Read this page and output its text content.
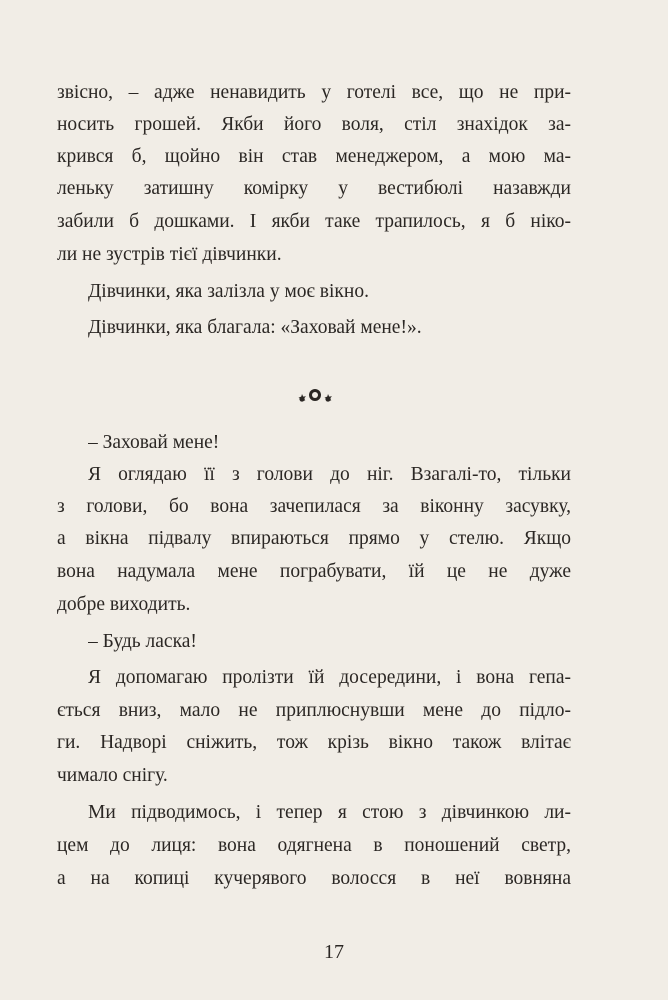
звісно, – адже ненавидить у готелі все, що не при-
носить грошей. Якби його воля, стіл знахідок за-
крився б, щойно він став менеджером, а мою ма-
леньку затишну комірку у вестибюлі назавжди
забили б дошками. І якби таке трапилось, я б ніко-
ли не зустрів тієї дівчинки.
Дівчинки, яка залізла у моє вікно.
Дівчинки, яка благала: «Заховай мене!».
– Заховай мене!
Я оглядаю її з голови до ніг. Взагалі-то, тільки
з голови, бо вона зачепилася за віконну засувку,
а вікна підвалу впираються прямо у стелю. Якщо
вона надумала мене пограбувати, їй це не дуже
добре виходить.
– Будь ласка!
Я допомагаю пролізти їй досередини, і вона гепа-
ється вниз, мало не приплюснувши мене до підло-
ги. Надворі сніжить, тож крізь вікно також влітає
чимало снігу.
Ми підводимось, і тепер я стою з дівчинкою ли-
цем до лиця: вона одягнена в поношений светр,
а на копиці кучерявого волосся в неї вовняна
17
